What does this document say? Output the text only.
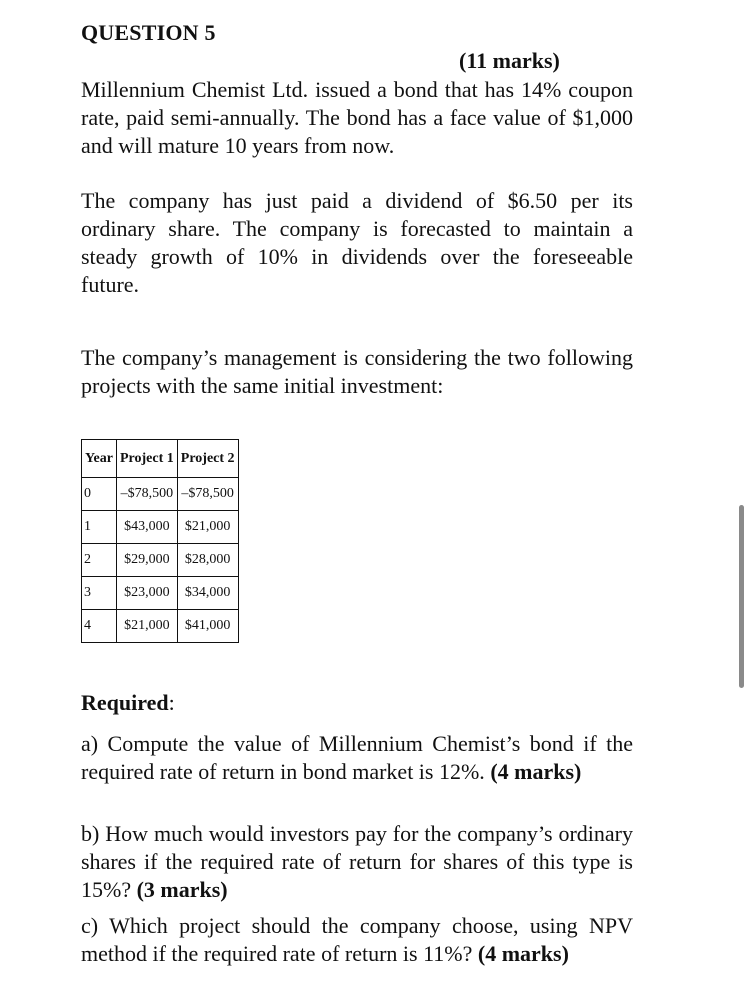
QUESTION 5
(11 marks)

Millennium Chemist Ltd. issued a bond that has 14% coupon rate, paid semi-annually. The bond has a face value of $1,000 and will mature 10 years from now.

The company has just paid a dividend of $6.50 per its ordinary share. The company is forecasted to maintain a steady growth of 10% in dividends over the foreseeable future.

The company’s management is considering the two following projects with the same initial investment:

Year	Project 1	Project 2
0	–$78,500	–$78,500
1	$43,000	$21,000
2	$29,000	$28,000
3	$23,000	$34,000
4	$21,000	$41,000
Required:

a) Compute the value of Millennium Chemist’s bond if the required rate of return in bond market is 12%. (4 marks)

b) How much would investors pay for the company’s ordinary shares if the required rate of return for shares of this type is 15%? (3 marks)

c) Which project should the company choose, using NPV method if the required rate of return is 11%? (4 marks)
